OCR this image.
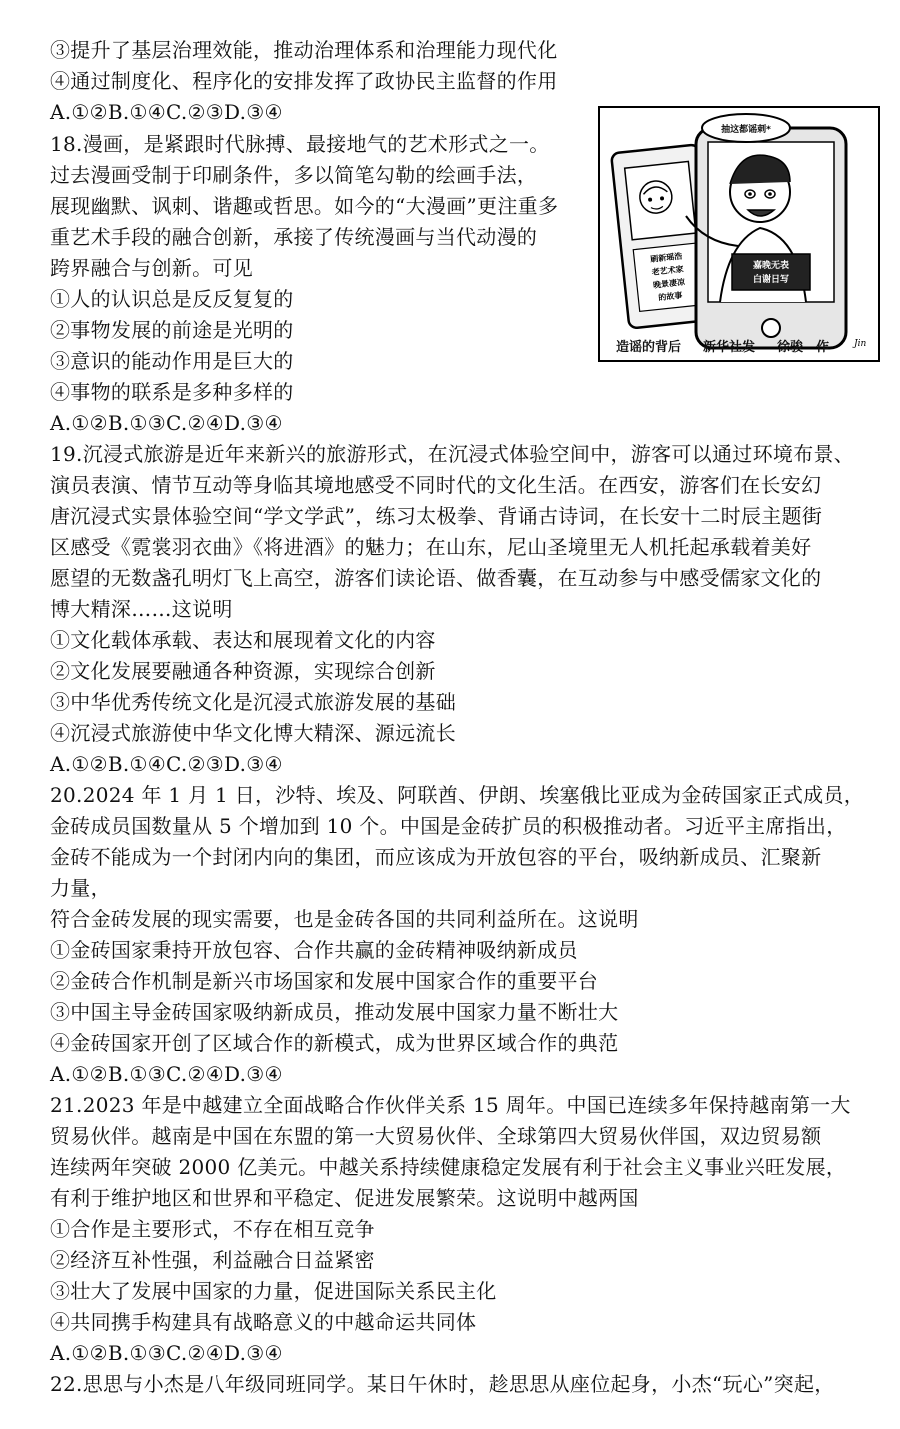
③提升了基层治理效能，推动治理体系和治理能力现代化

④通过制度化、程序化的安排发挥了政协民主监督的作用

A.①②B.①④C.②③D.③④

18.漫画，是紧跟时代脉搏、最接地气的艺术形式之一。

过去漫画受制于印刷条件，多以简笔勾勒的绘画手法，

展现幽默、讽刺、谐趣或哲思。如今的“大漫画”更注重多

重艺术手段的融合创新，承接了传统漫画与当代动漫的

跨界融合与创新。可见

①人的认识总是反反复复的

②事物发展的前途是光明的

③意识的能动作用是巨大的

④事物的联系是多种多样的

A.①②B.①③C.②④D.③④

19.沉浸式旅游是近年来新兴的旅游形式，在沉浸式体验空间中，游客可以通过环境布景、

演员表演、情节互动等身临其境地感受不同时代的文化生活。在西安，游客们在长安幻

唐沉浸式实景体验空间“学文学武”，练习太极拳、背诵古诗词，在长安十二时辰主题街

区感受《霓裳羽衣曲》《将进酒》的魅力；在山东，尼山圣境里无人机托起承载着美好

愿望的无数盏孔明灯飞上高空，游客们读论语、做香囊，在互动参与中感受儒家文化的

博大精深……这说明

①文化载体承载、表达和展现着文化的内容

②文化发展要融通各种资源，实现综合创新

③中华优秀传统文化是沉浸式旅游发展的基础

④沉浸式旅游使中华文化博大精深、源远流长

A.①②B.①④C.②③D.③④

20.2024 年 1 月 1 日，沙特、埃及、阿联酋、伊朗、埃塞俄比亚成为金砖国家正式成员，

金砖成员国数量从 5 个增加到 10 个。中国是金砖扩员的积极推动者。习近平主席指出，

金砖不能成为一个封闭内向的集团，而应该成为开放包容的平台，吸纳新成员、汇聚新

力量，

符合金砖发展的现实需要，也是金砖各国的共同利益所在。这说明

①金砖国家秉持开放包容、合作共赢的金砖精神吸纳新成员

②金砖合作机制是新兴市场国家和发展中国家合作的重要平台

③中国主导金砖国家吸纳新成员，推动发展中国家力量不断壮大

④金砖国家开创了区域合作的新模式，成为世界区域合作的典范

A.①②B.①③C.②④D.③④

21.2023 年是中越建立全面战略合作伙伴关系 15 周年。中国已连续多年保持越南第一大

贸易伙伴。越南是中国在东盟的第一大贸易伙伴、全球第四大贸易伙伴国，双边贸易额

连续两年突破 2000 亿美元。中越关系持续健康稳定发展有利于社会主义事业兴旺发展，

有利于维护地区和世界和平稳定、促进发展繁荣。这说明中越两国

①合作是主要形式，不存在相互竞争

②经济互补性强，利益融合日益紧密

③壮大了发展中国家的力量，促进国际关系民主化

④共同携手构建具有战略意义的中越命运共同体

A.①②B.①③C.②④D.③④

22.思思与小杰是八年级同班同学。某日午休时，趁思思从座位起身，小杰“玩心”突起，

刷新瑶浩
老艺术家
晚景凄凉
的故事
嘉晚无表
白谢日写
抽这都谣刺*
Jin
造谣的背后 新华社发 徐骏　作
